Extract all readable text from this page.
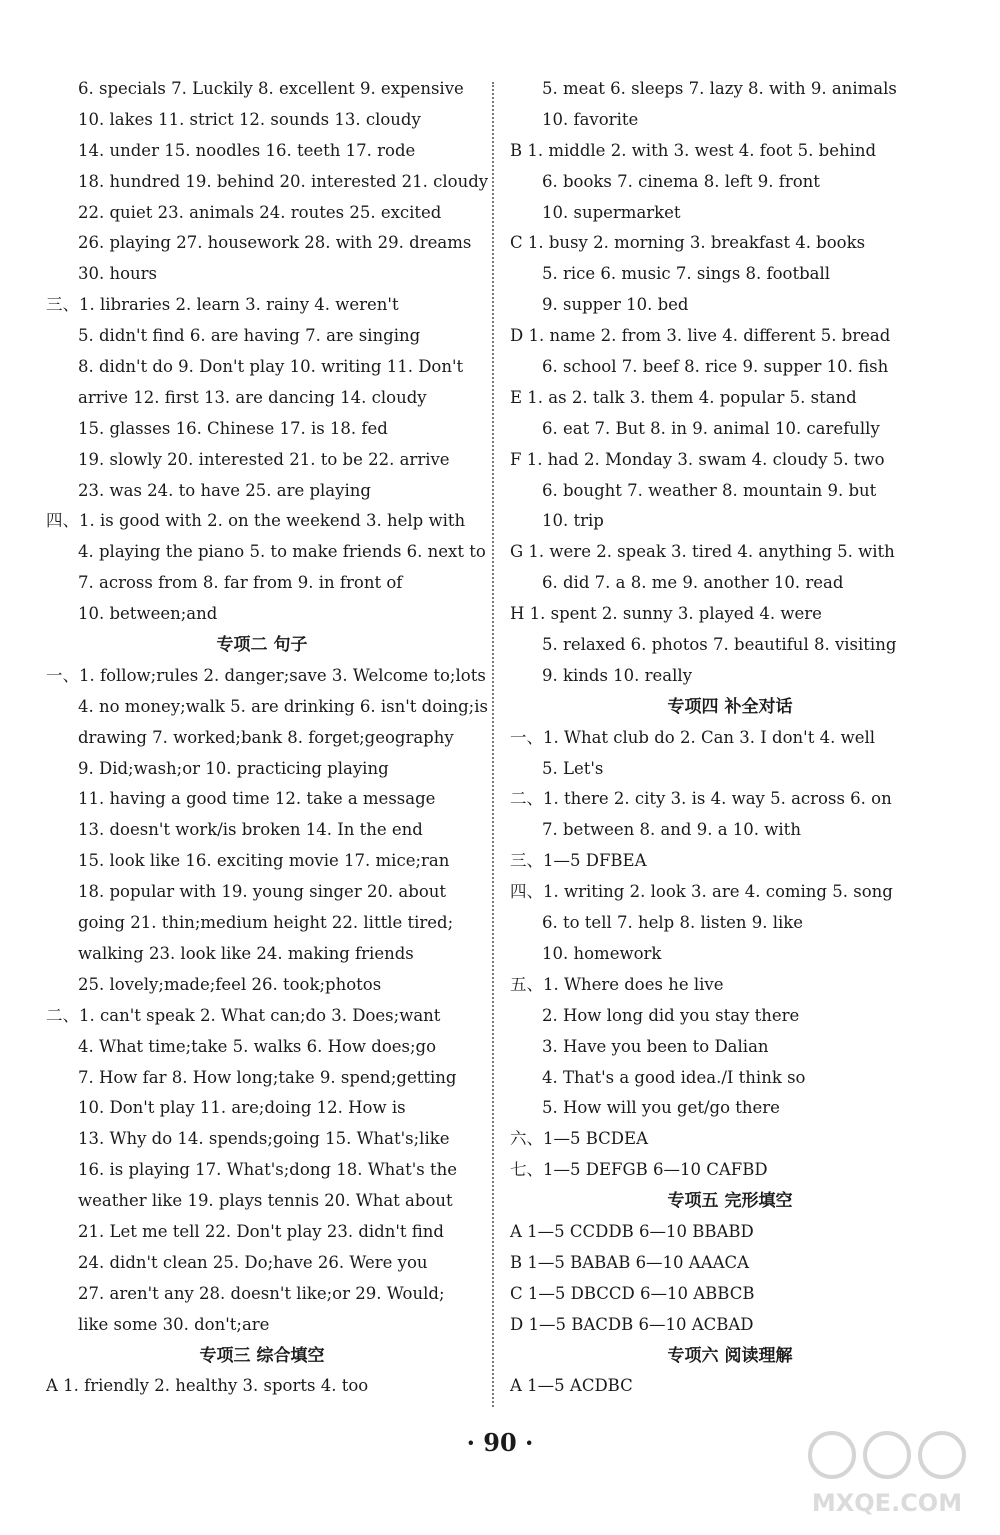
6. specials 7. Luckily 8. excellent 9. expensive
10. lakes 11. strict 12. sounds 13. cloudy
14. under 15. noodles 16. teeth 17. rode
18. hundred 19. behind 20. interested 21. cloudy
22. quiet 23. animals 24. routes 25. excited
26. playing 27. housework 28. with 29. dreams
30. hours
三、1. libraries 2. learn 3. rainy 4. weren't
5. didn't find 6. are having 7. are singing
8. didn't do 9. Don't play 10. writing 11. Don't
arrive 12. first 13. are dancing 14. cloudy
15. glasses 16. Chinese 17. is 18. fed
19. slowly 20. interested 21. to be 22. arrive
23. was 24. to have 25. are playing
四、1. is good with 2. on the weekend 3. help with
4. playing the piano 5. to make friends 6. next to
7. across from 8. far from 9. in front of
10. between;and
专项二 句子
一、1. follow;rules 2. danger;save 3. Welcome to;lots
4. no money;walk 5. are drinking 6. isn't doing;is
drawing 7. worked;bank 8. forget;geography
9. Did;wash;or 10. practicing playing
11. having a good time 12. take a message
13. doesn't work/is broken 14. In the end
15. look like 16. exciting movie 17. mice;ran
18. popular with 19. young singer 20. about
going 21. thin;medium height 22. little tired;
walking 23. look like 24. making friends
25. lovely;made;feel 26. took;photos
二、1. can't speak 2. What can;do 3. Does;want
4. What time;take 5. walks 6. How does;go
7. How far 8. How long;take 9. spend;getting
10. Don't play 11. are;doing 12. How is
13. Why do 14. spends;going 15. What's;like
16. is playing 17. What's;dong 18. What's the
weather like 19. plays tennis 20. What about
21. Let me tell 22. Don't play 23. didn't find
24. didn't clean 25. Do;have 26. Were you
27. aren't any 28. doesn't like;or 29. Would;
like some 30. don't;are
专项三 综合填空
A 1. friendly 2. healthy 3. sports 4. too
5. meat 6. sleeps 7. lazy 8. with 9. animals
10. favorite
B 1. middle 2. with 3. west 4. foot 5. behind
6. books 7. cinema 8. left 9. front
10. supermarket
C 1. busy 2. morning 3. breakfast 4. books
5. rice 6. music 7. sings 8. football
9. supper 10. bed
D 1. name 2. from 3. live 4. different 5. bread
6. school 7. beef 8. rice 9. supper 10. fish
E 1. as 2. talk 3. them 4. popular 5. stand
6. eat 7. But 8. in 9. animal 10. carefully
F 1. had 2. Monday 3. swam 4. cloudy 5. two
6. bought 7. weather 8. mountain 9. but
10. trip
G 1. were 2. speak 3. tired 4. anything 5. with
6. did 7. a 8. me 9. another 10. read
H 1. spent 2. sunny 3. played 4. were
5. relaxed 6. photos 7. beautiful 8. visiting
9. kinds 10. really
专项四 补全对话
一、1. What club do 2. Can 3. I don't 4. well
5. Let's
二、1. there 2. city 3. is 4. way 5. across 6. on
7. between 8. and 9. a 10. with
三、1—5 DFBEA
四、1. writing 2. look 3. are 4. coming 5. song
6. to tell 7. help 8. listen 9. like
10. homework
五、1. Where does he live
2. How long did you stay there
3. Have you been to Dalian
4. That's a good idea./I think so
5. How will you get/go there
六、1—5 BCDEA
七、1—5 DEFGB 6—10 CAFBD
专项五 完形填空
A 1—5 CCDDB 6—10 BBABD
B 1—5 BABAB 6—10 AAACA
C 1—5 DBCCD 6—10 ABBCB
D 1—5 BACDB 6—10 ACBAD
专项六 阅读理解
A 1—5 ACDBC
· 90 ·
MXQE.COM
